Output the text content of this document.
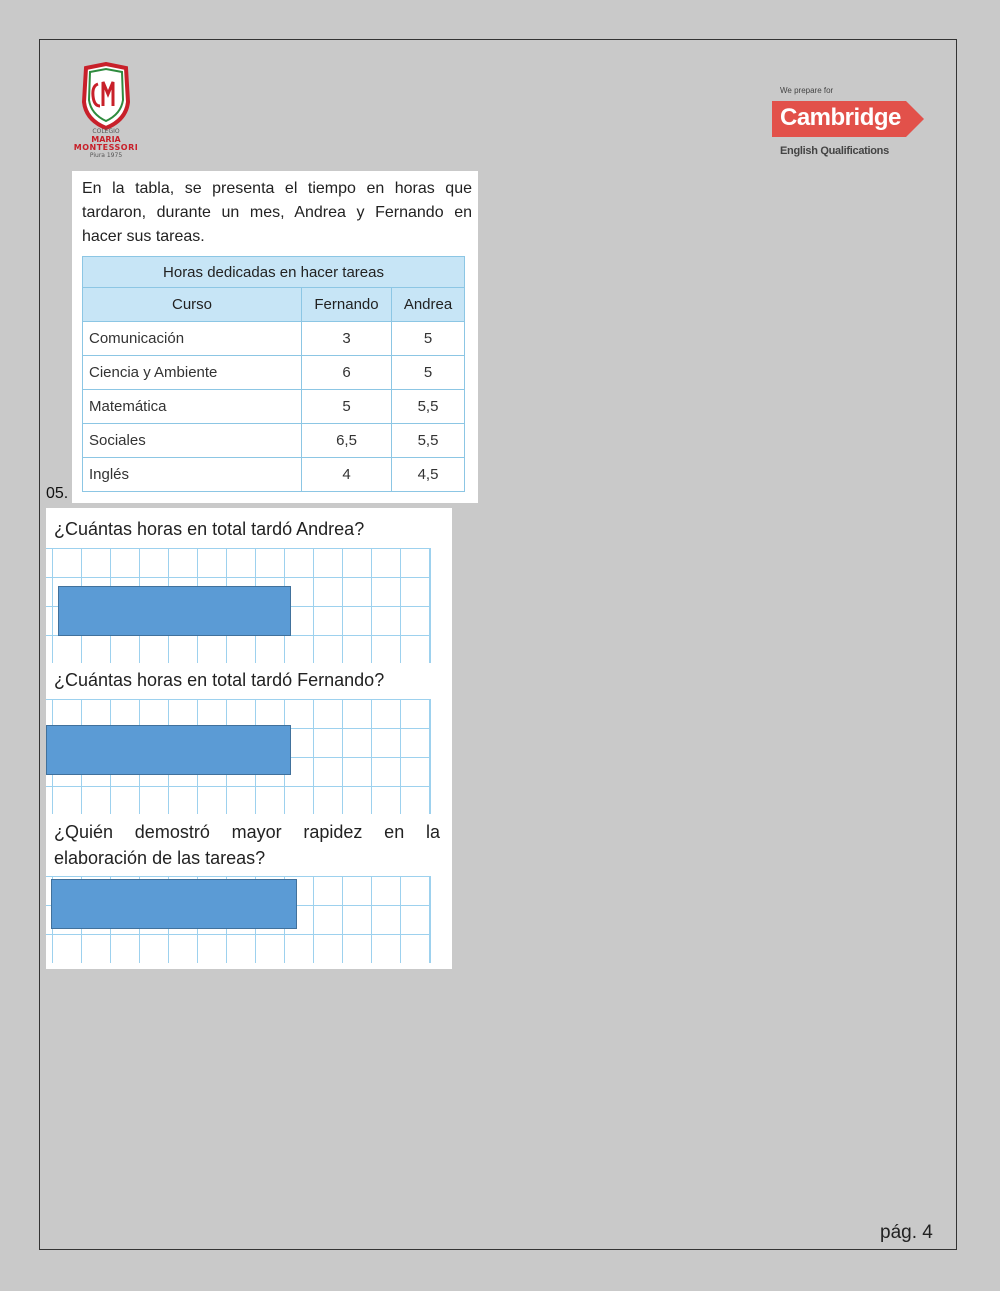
COLEGIO
MARIA
MONTESSORI
Piura 1975
We prepare for
Cambridge
English Qualifications
En la tabla, se presenta el tiempo en horas que tardaron, durante un mes, Andrea y Fernando en hacer sus tareas.
Horas dedicadas en hacer tareas		
Curso	Fernando	Andrea
Comunicación	3	5
Ciencia y Ambiente	6	5
Matemática	5	5,5
Sociales	6,5	5,5
Inglés	4	4,5
05.
¿Cuántas horas en total tardó Andrea?
¿Cuántas horas en total tardó Fernando?
¿Quién demostró mayor rapidez en la elaboración de las tareas?
pág. 4
